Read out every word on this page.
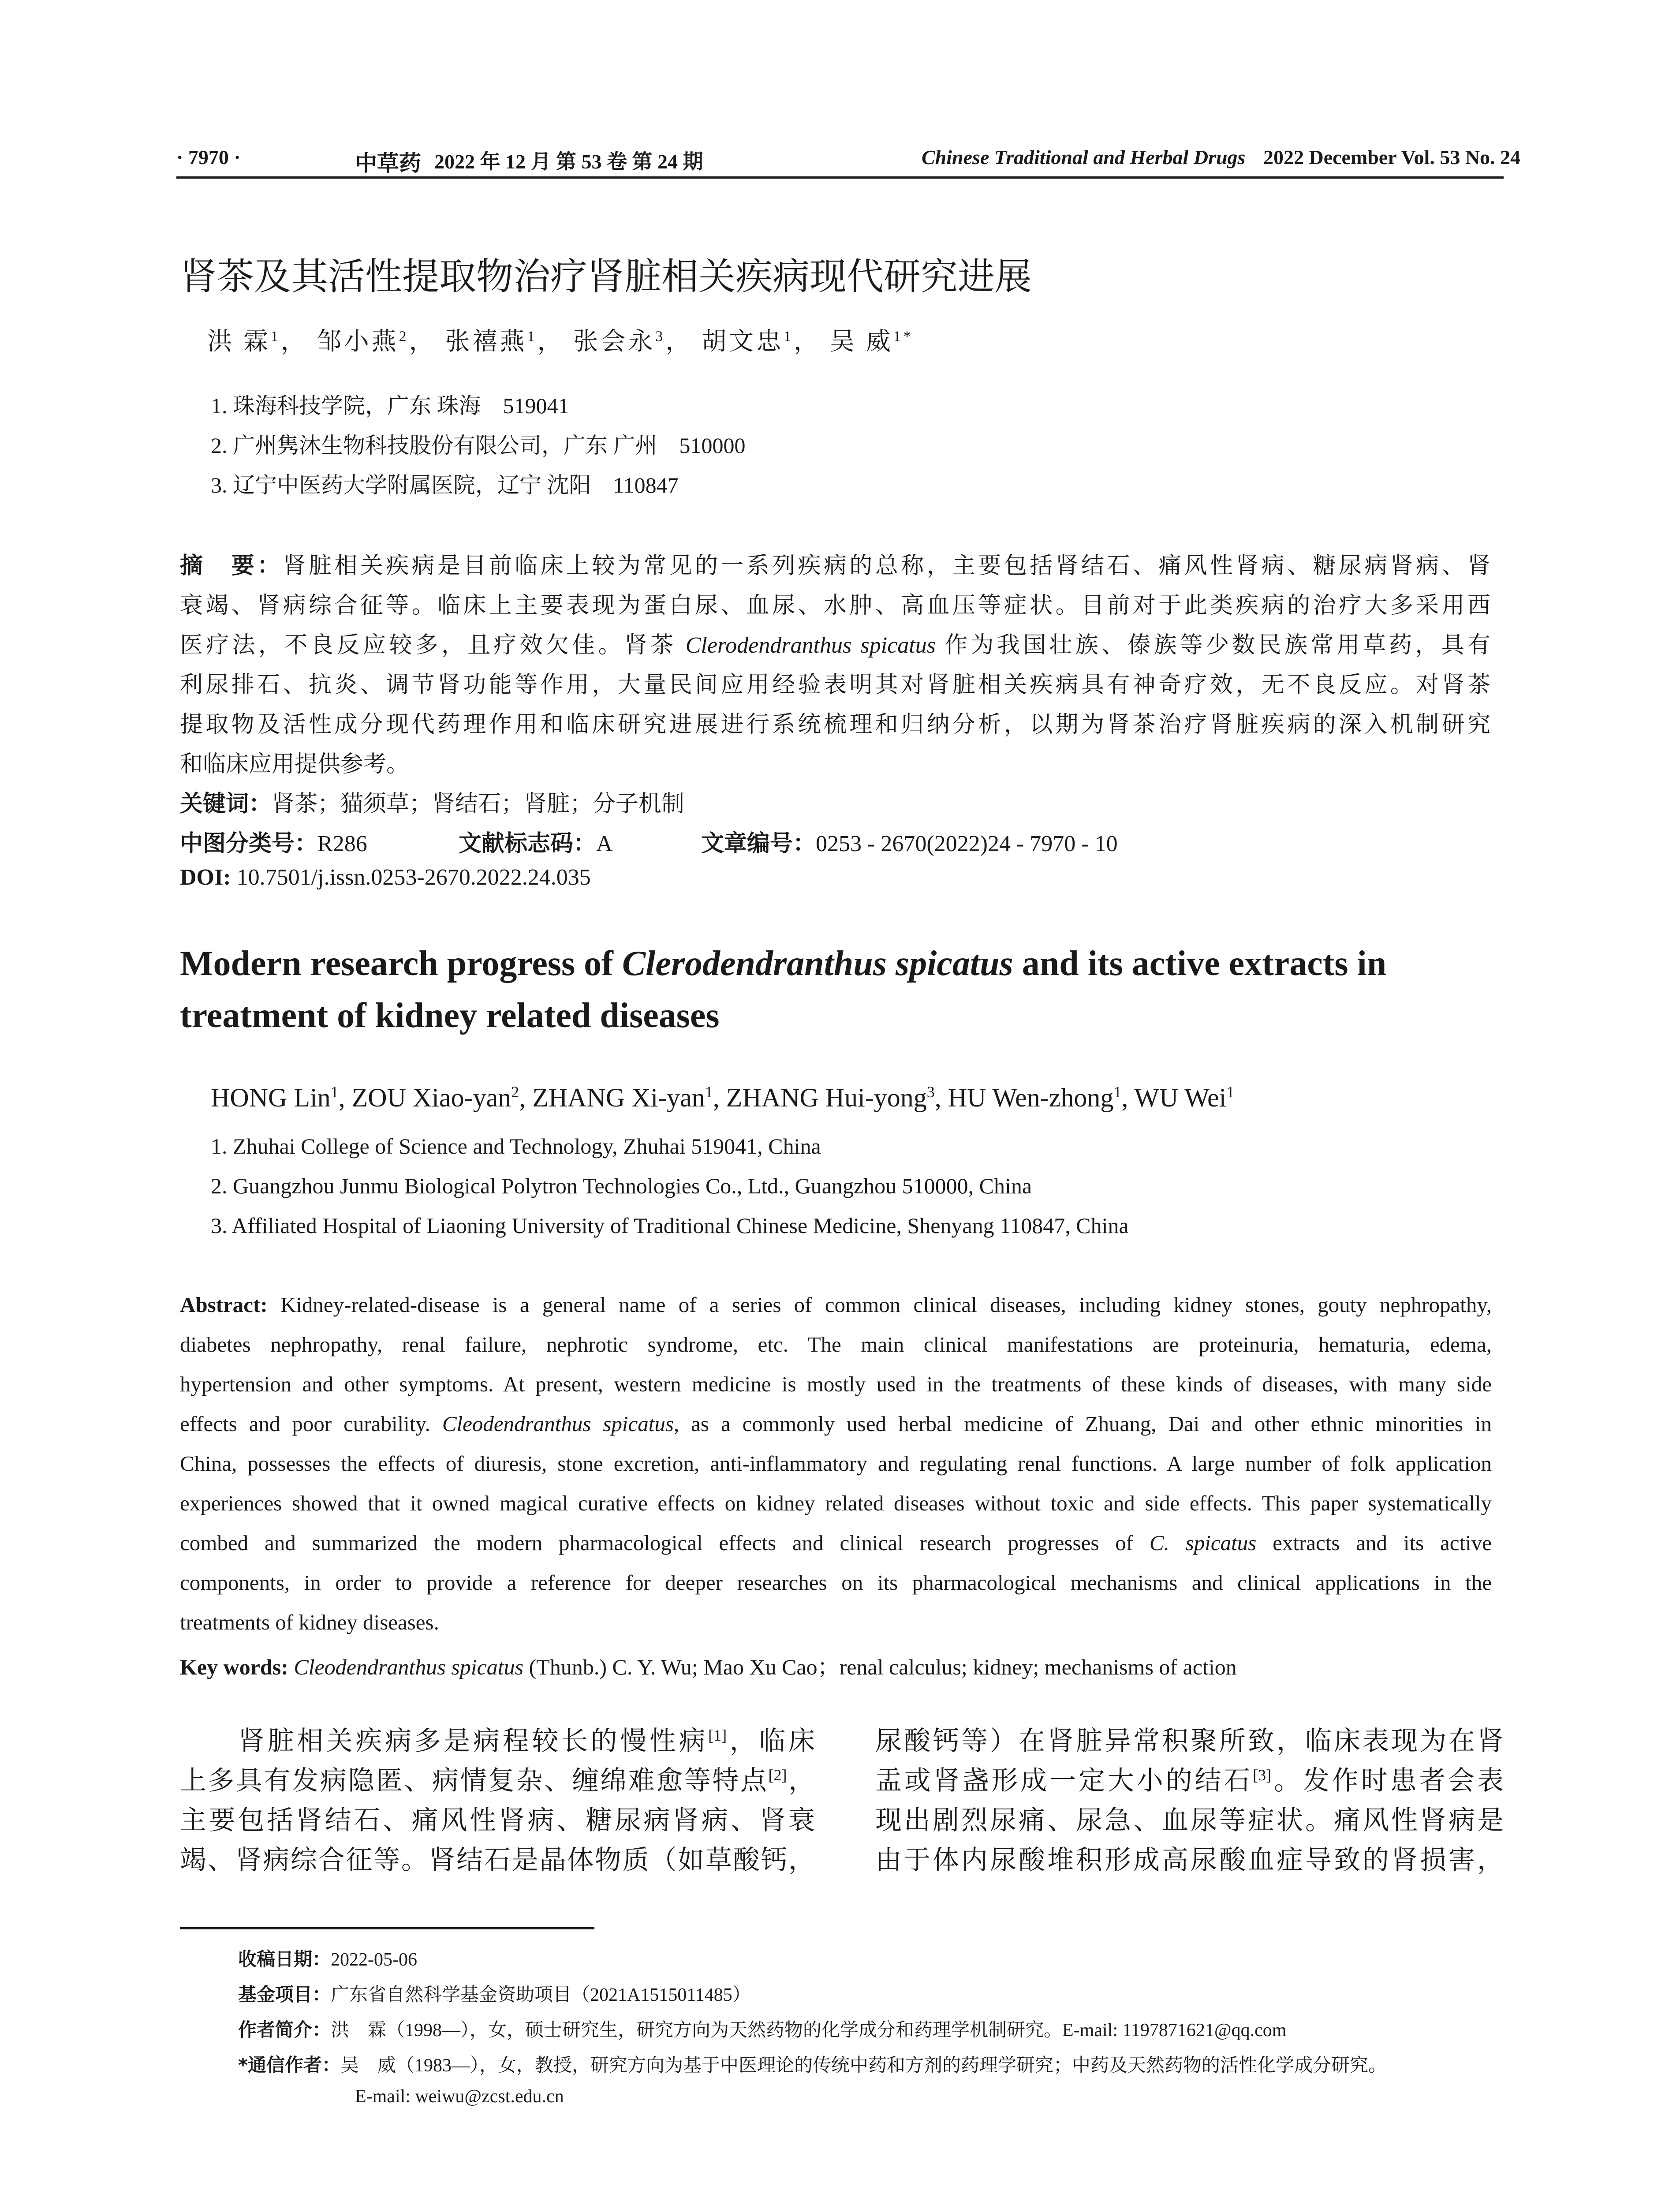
· 7970 ·	中草药 2022 年 12 月 第 53 卷 第 24 期	Chinese Traditional and Herbal Drugs 2022 December Vol. 53 No. 24
肾茶及其活性提取物治疗肾脏相关疾病现代研究进展
洪 霖$^1$， 邹小燕$^2$， 张禧燕$^1$， 张会永$^3$， 胡文忠$^1$， 吴 威$^{1*}$
1. 珠海科技学院，广东 珠海　519041
2. 广州隽沐生物科技股份有限公司，广东 广州　510000
3. 辽宁中医药大学附属医院，辽宁 沈阳　110847
摘　要：肾脏相关疾病是目前临床上较为常见的一系列疾病的总称，主要包括肾结石、痛风性肾病、糖尿病肾病、肾
衰竭、肾病综合征等。临床上主要表现为蛋白尿、血尿、水肿、高血压等症状。目前对于此类疾病的治疗大多采用西
医疗法，不良反应较多，且疗效欠佳。肾茶 Clerodendranthus spicatus 作为我国壮族、傣族等少数民族常用草药，具有
利尿排石、抗炎、调节肾功能等作用，大量民间应用经验表明其对肾脏相关疾病具有神奇疗效，无不良反应。对肾茶
提取物及活性成分现代药理作用和临床研究进展进行系统梳理和归纳分析，以期为肾茶治疗肾脏疾病的深入机制研究
和临床应用提供参考。
关键词：肾茶；猫须草；肾结石；肾脏；分子机制
中图分类号：R286	文献标志码：A	文章编号：0253 - 2670(2022)24 - 7970 - 10
DOI: 10.7501/j.issn.0253-2670.2022.24.035
Modern research progress of Clerodendranthus spicatus and its active extracts in
treatment of kidney related diseases
HONG Lin$^1$, ZOU Xiao-yan$^2$, ZHANG Xi-yan$^1$, ZHANG Hui-yong$^3$, HU Wen-zhong$^1$, WU Wei$^1$
1. Zhuhai College of Science and Technology, Zhuhai 519041, China
2. Guangzhou Junmu Biological Polytron Technologies Co., Ltd., Guangzhou 510000, China
3. Affiliated Hospital of Liaoning University of Traditional Chinese Medicine, Shenyang 110847, China
Abstract: Kidney-related-disease is a general name of a series of common clinical diseases, including kidney stones, gouty nephropathy,
diabetes nephropathy, renal failure, nephrotic syndrome, etc. The main clinical manifestations are proteinuria, hematuria, edema,
hypertension and other symptoms. At present, western medicine is mostly used in the treatments of these kinds of diseases, with many side
effects and poor curability. Cleodendranthus spicatus, as a commonly used herbal medicine of Zhuang, Dai and other ethnic minorities in
China, possesses the effects of diuresis, stone excretion, anti-inflammatory and regulating renal functions. A large number of folk application
experiences showed that it owned magical curative effects on kidney related diseases without toxic and side effects. This paper systematically
combed and summarized the modern pharmacological effects and clinical research progresses of C. spicatus extracts and its active
components, in order to provide a reference for deeper researches on its pharmacological mechanisms and clinical applications in the
treatments of kidney diseases.
Key words: Cleodendranthus spicatus (Thunb.) C. Y. Wu; Mao Xu Cao；renal calculus; kidney; mechanisms of action
肾脏相关疾病多是病程较长的慢性病[1]，临床
上多具有发病隐匿、病情复杂、缠绵难愈等特点[2]，
主要包括肾结石、痛风性肾病、糖尿病肾病、肾衰
竭、肾病综合征等。肾结石是晶体物质（如草酸钙，
尿酸钙等）在肾脏异常积聚所致，临床表现为在肾
盂或肾盏形成一定大小的结石[3]。发作时患者会表
现出剧烈尿痛、尿急、血尿等症状。痛风性肾病是
由于体内尿酸堆积形成高尿酸血症导致的肾损害，
收稿日期：2022-05-06
基金项目：广东省自然科学基金资助项目（2021A1515011485）
作者简介：洪　霖（1998—），女，硕士研究生，研究方向为天然药物的化学成分和药理学机制研究。E-mail: 1197871621@qq.com
*通信作者：吴　威（1983—），女，教授，研究方向为基于中医理论的传统中药和方剂的药理学研究；中药及天然药物的活性化学成分研究。
E-mail: weiwu@zcst.edu.cn
